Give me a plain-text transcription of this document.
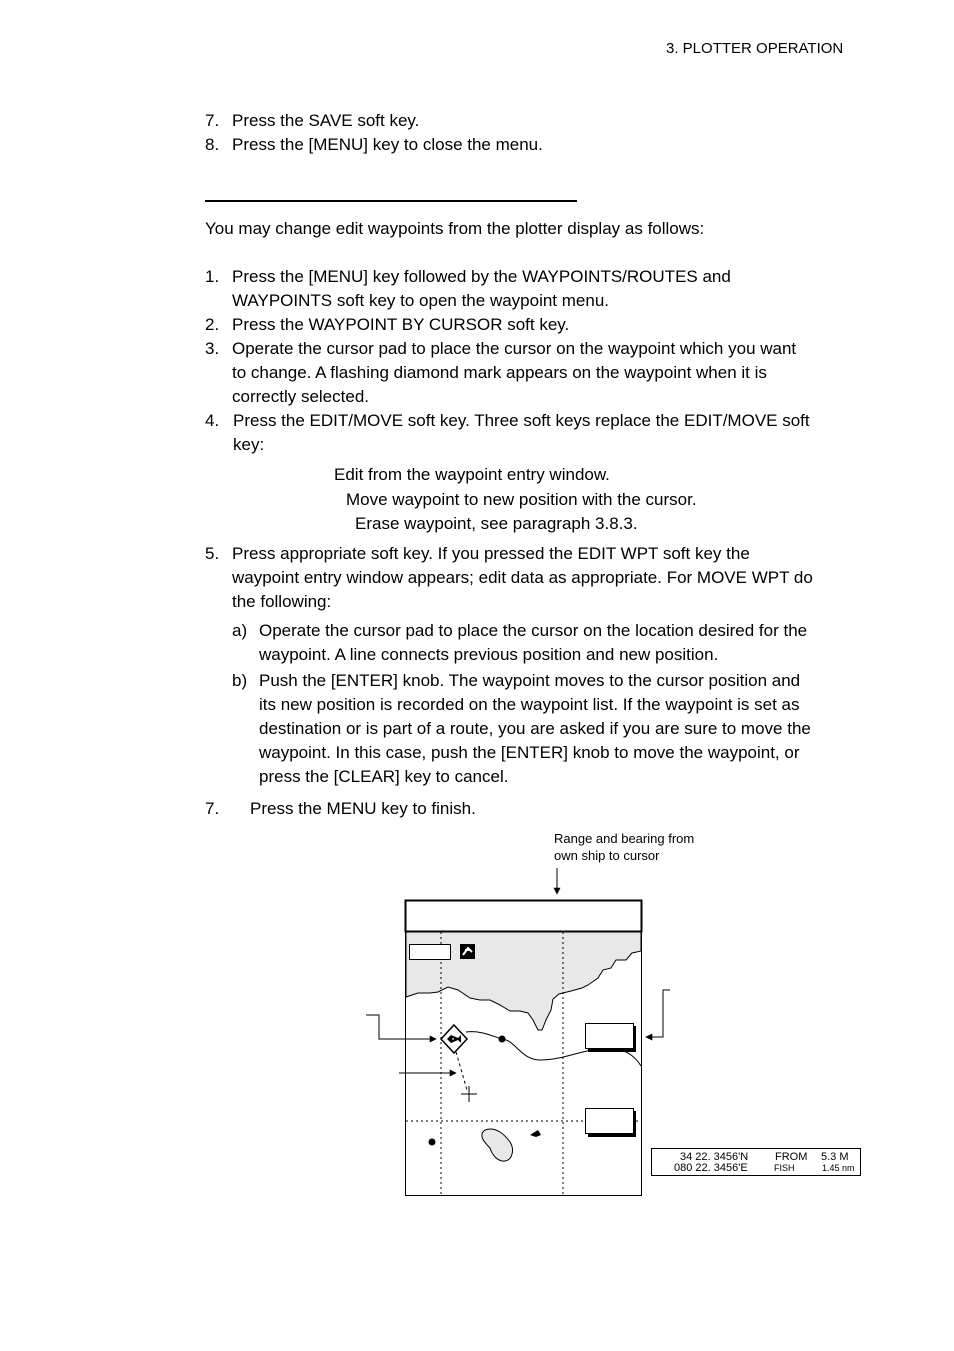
3. PLOTTER OPERATION
7. Press the SAVE soft key.
8. Press the [MENU] key to close the menu.
You may change edit waypoints from the plotter display as follows:
1. Press the [MENU] key followed by the WAYPOINTS/ROUTES and
WAYPOINTS soft key to open the waypoint menu.
2. Press the WAYPOINT BY CURSOR soft key.
3. Operate the cursor pad to place the cursor on the waypoint which you want
to change. A flashing diamond mark appears on the waypoint when it is
correctly selected.
4. Press the EDIT/MOVE soft key. Three soft keys replace the EDIT/MOVE soft
key:
Edit from the waypoint entry window.
Move waypoint to new position with the cursor.
Erase waypoint, see paragraph 3.8.3.
5. Press appropriate soft key. If you pressed the EDIT WPT soft key the
waypoint entry window appears; edit data as appropriate. For MOVE WPT do
the following:
a) Operate the cursor pad to place the cursor on the location desired for the
waypoint. A line connects previous position and new position.
b) Push the [ENTER] knob. The waypoint moves to the cursor position and
its new position is recorded on the waypoint list. If the waypoint is set as
destination or is part of a route, you are asked if you are sure to move the
waypoint. In this case, push the [ENTER] knob to move the waypoint, or
press the [CLEAR] key to cancel.
7. Press the MENU key to finish.
Range and bearing from
own ship to cursor
34 22. 3456'N
080 22. 3456'E
FROM
FISH
5.3 M
1.45 nm
